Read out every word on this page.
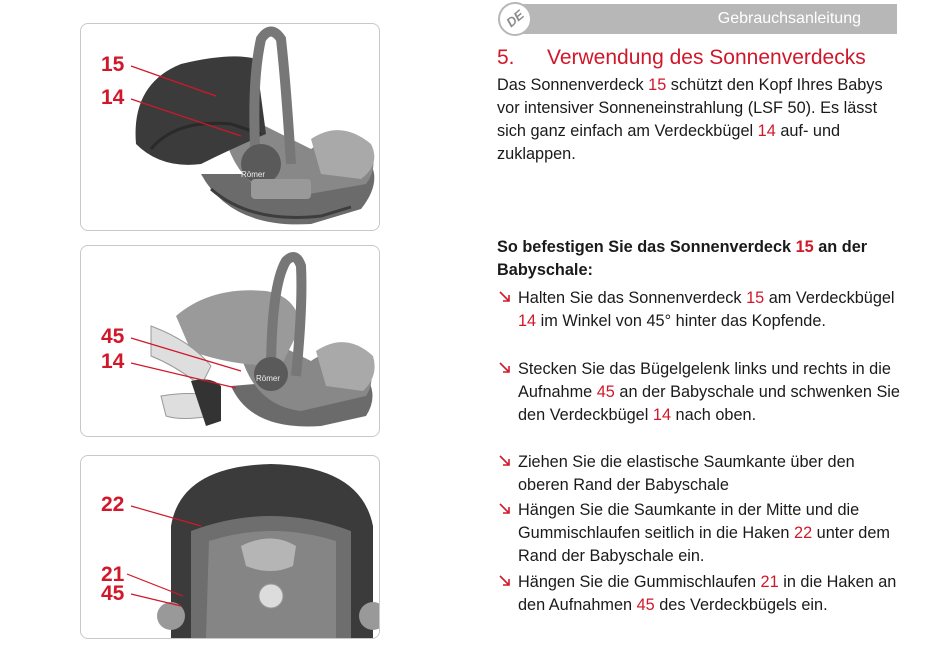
Römer
15
14
Römer
45
14
22
21
45
DE	Gebrauchsanleitung
5. Verwendung des Sonnenverdecks
Das Sonnenverdeck 15 schützt den Kopf Ihres Babys vor intensiver Sonneneinstrahlung (LSF 50). Es lässt sich ganz einfach am Verdeckbügel 14 auf- und zuklappen.
So befestigen Sie das Sonnenverdeck 15 an der Babyschale:
Halten Sie das Sonnenverdeck 15 am Verdeckbügel 14 im Winkel von 45° hinter das Kopfende.
Stecken Sie das Bügelgelenk links und rechts in die Aufnahme 45 an der Babyschale und schwenken Sie den Verdeckbügel 14 nach oben.
Ziehen Sie die elastische Saumkante über den oberen Rand der Babyschale
Hängen Sie die Saumkante in der Mitte und die Gummischlaufen seitlich in die Haken 22 unter dem Rand der Babyschale ein.
Hängen Sie die Gummischlaufen 21 in die Haken an den Aufnahmen 45 des Verdeckbügels ein.
